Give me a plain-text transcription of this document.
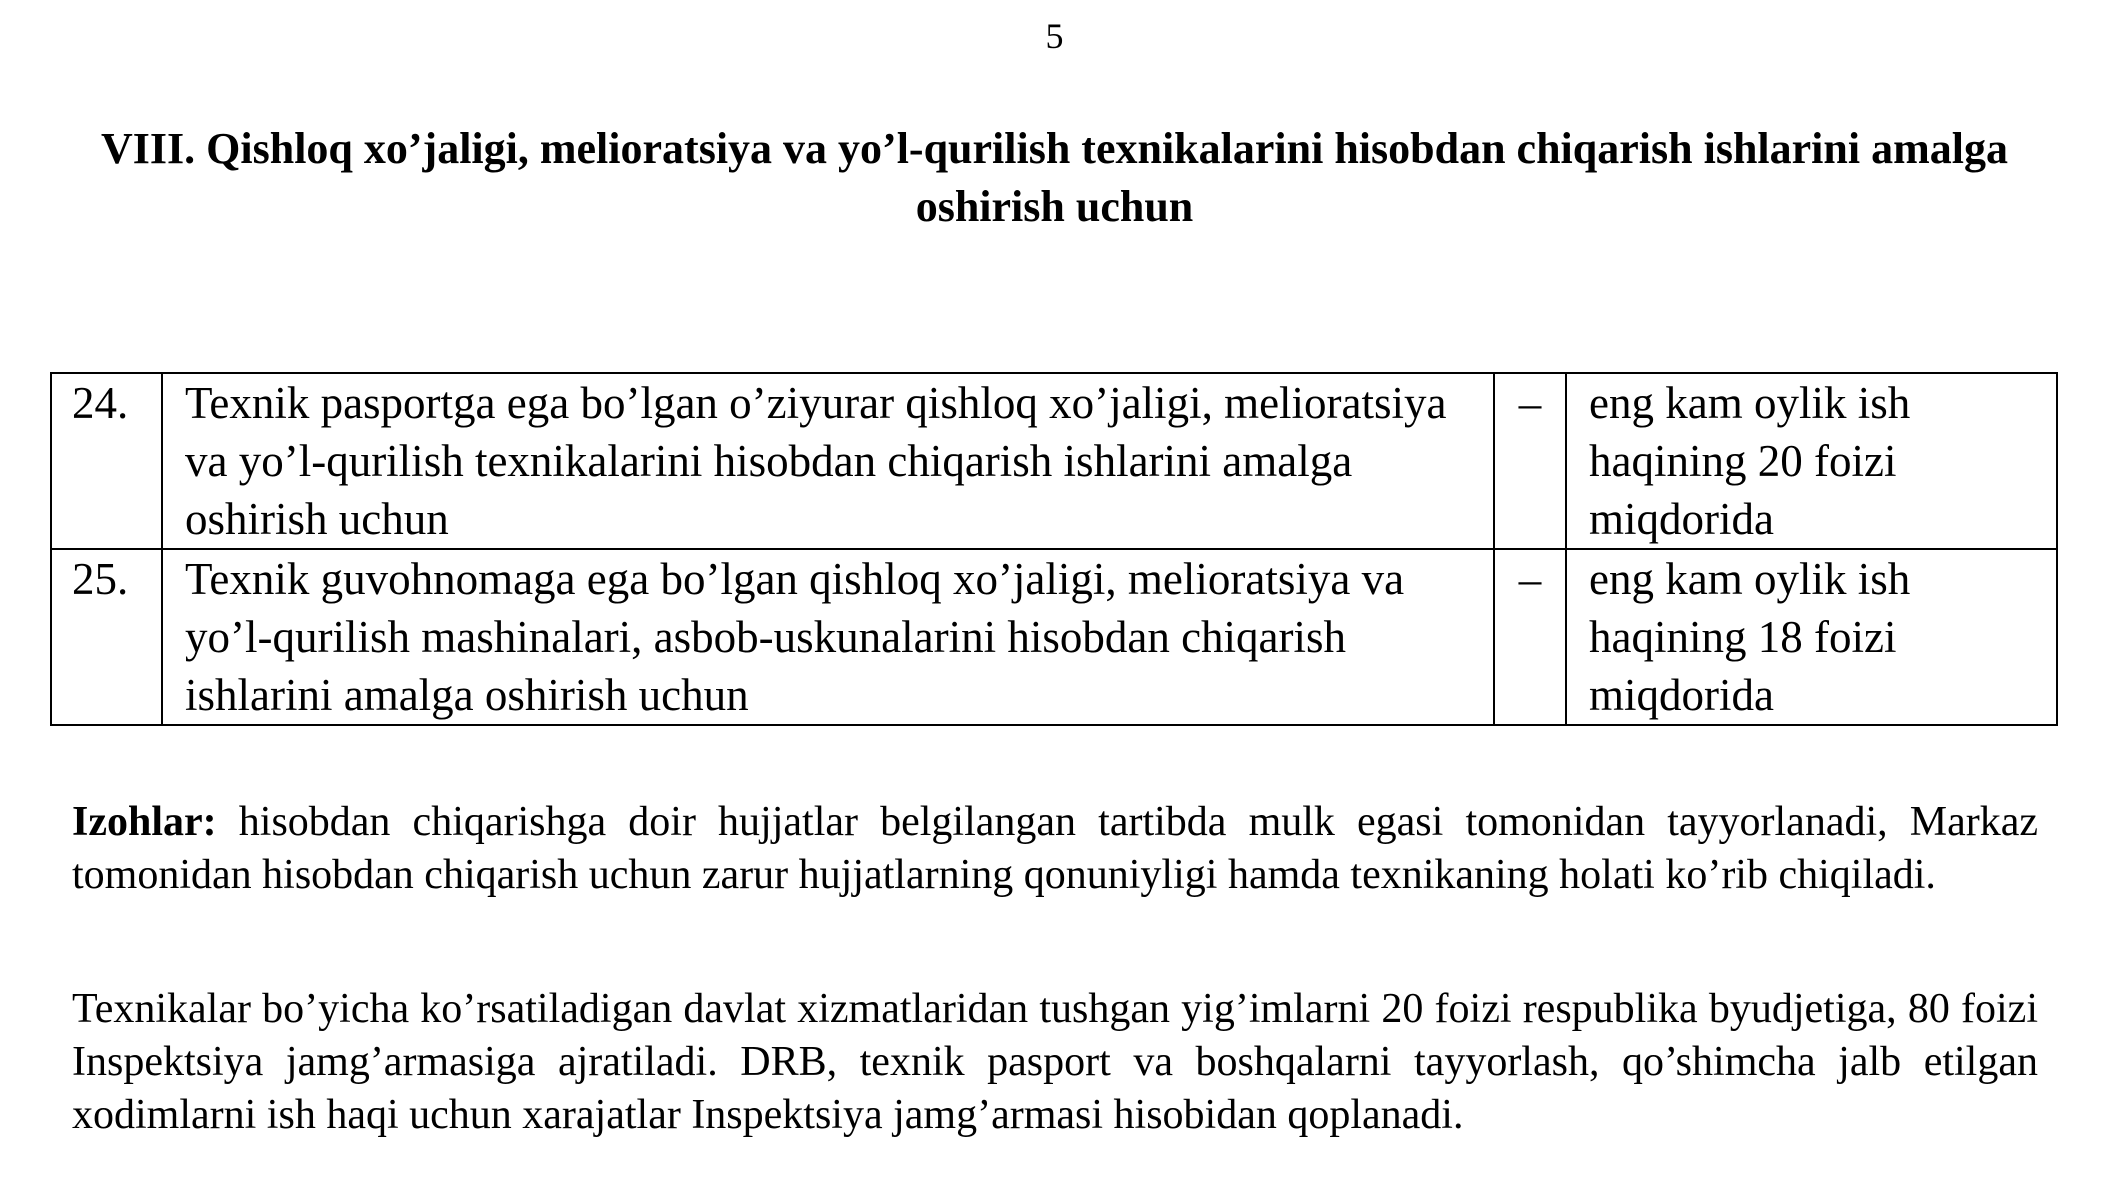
5
VIII. Qishloq xo’jaligi, melioratsiya va yo’l-qurilish texnikalarini hisobdan chiqarish ishlarini amalga oshirish uchun
24.	Texnik pasportga ega bo’lgan o’ziyurar qishloq xo’jaligi, melioratsiya va yo’l-qurilish texnikalarini hisobdan chiqarish ishlarini amalga oshirish uchun	–	eng kam oylik ish haqining 20 foizi miqdorida
25.	Texnik guvohnomaga ega bo’lgan qishloq xo’jaligi, melioratsiya va yo’l-qurilish mashinalari, asbob-uskunalarini hisobdan chiqarish ishlarini amalga oshirish uchun	–	eng kam oylik ish haqining 18 foizi miqdorida

Izohlar: hisobdan chiqarishga doir hujjatlar belgilangan tartibda mulk egasi tomonidan tayyorlanadi, Markaz tomonidan hisobdan chiqarish uchun zarur hujjatlarning qonuniyligi hamda texnikaning holati ko’rib chiqiladi.

Texnikalar bo’yicha ko’rsatiladigan davlat xizmatlaridan tushgan yig’imlarni 20 foizi respublika byudjetiga, 80 foizi Inspektsiya jamg’armasiga ajratiladi. DRB, texnik pasport va boshqalarni tayyorlash, qo’shimcha jalb etilgan xodimlarni ish haqi uchun xarajatlar Inspektsiya jamg’armasi hisobidan qoplanadi.
